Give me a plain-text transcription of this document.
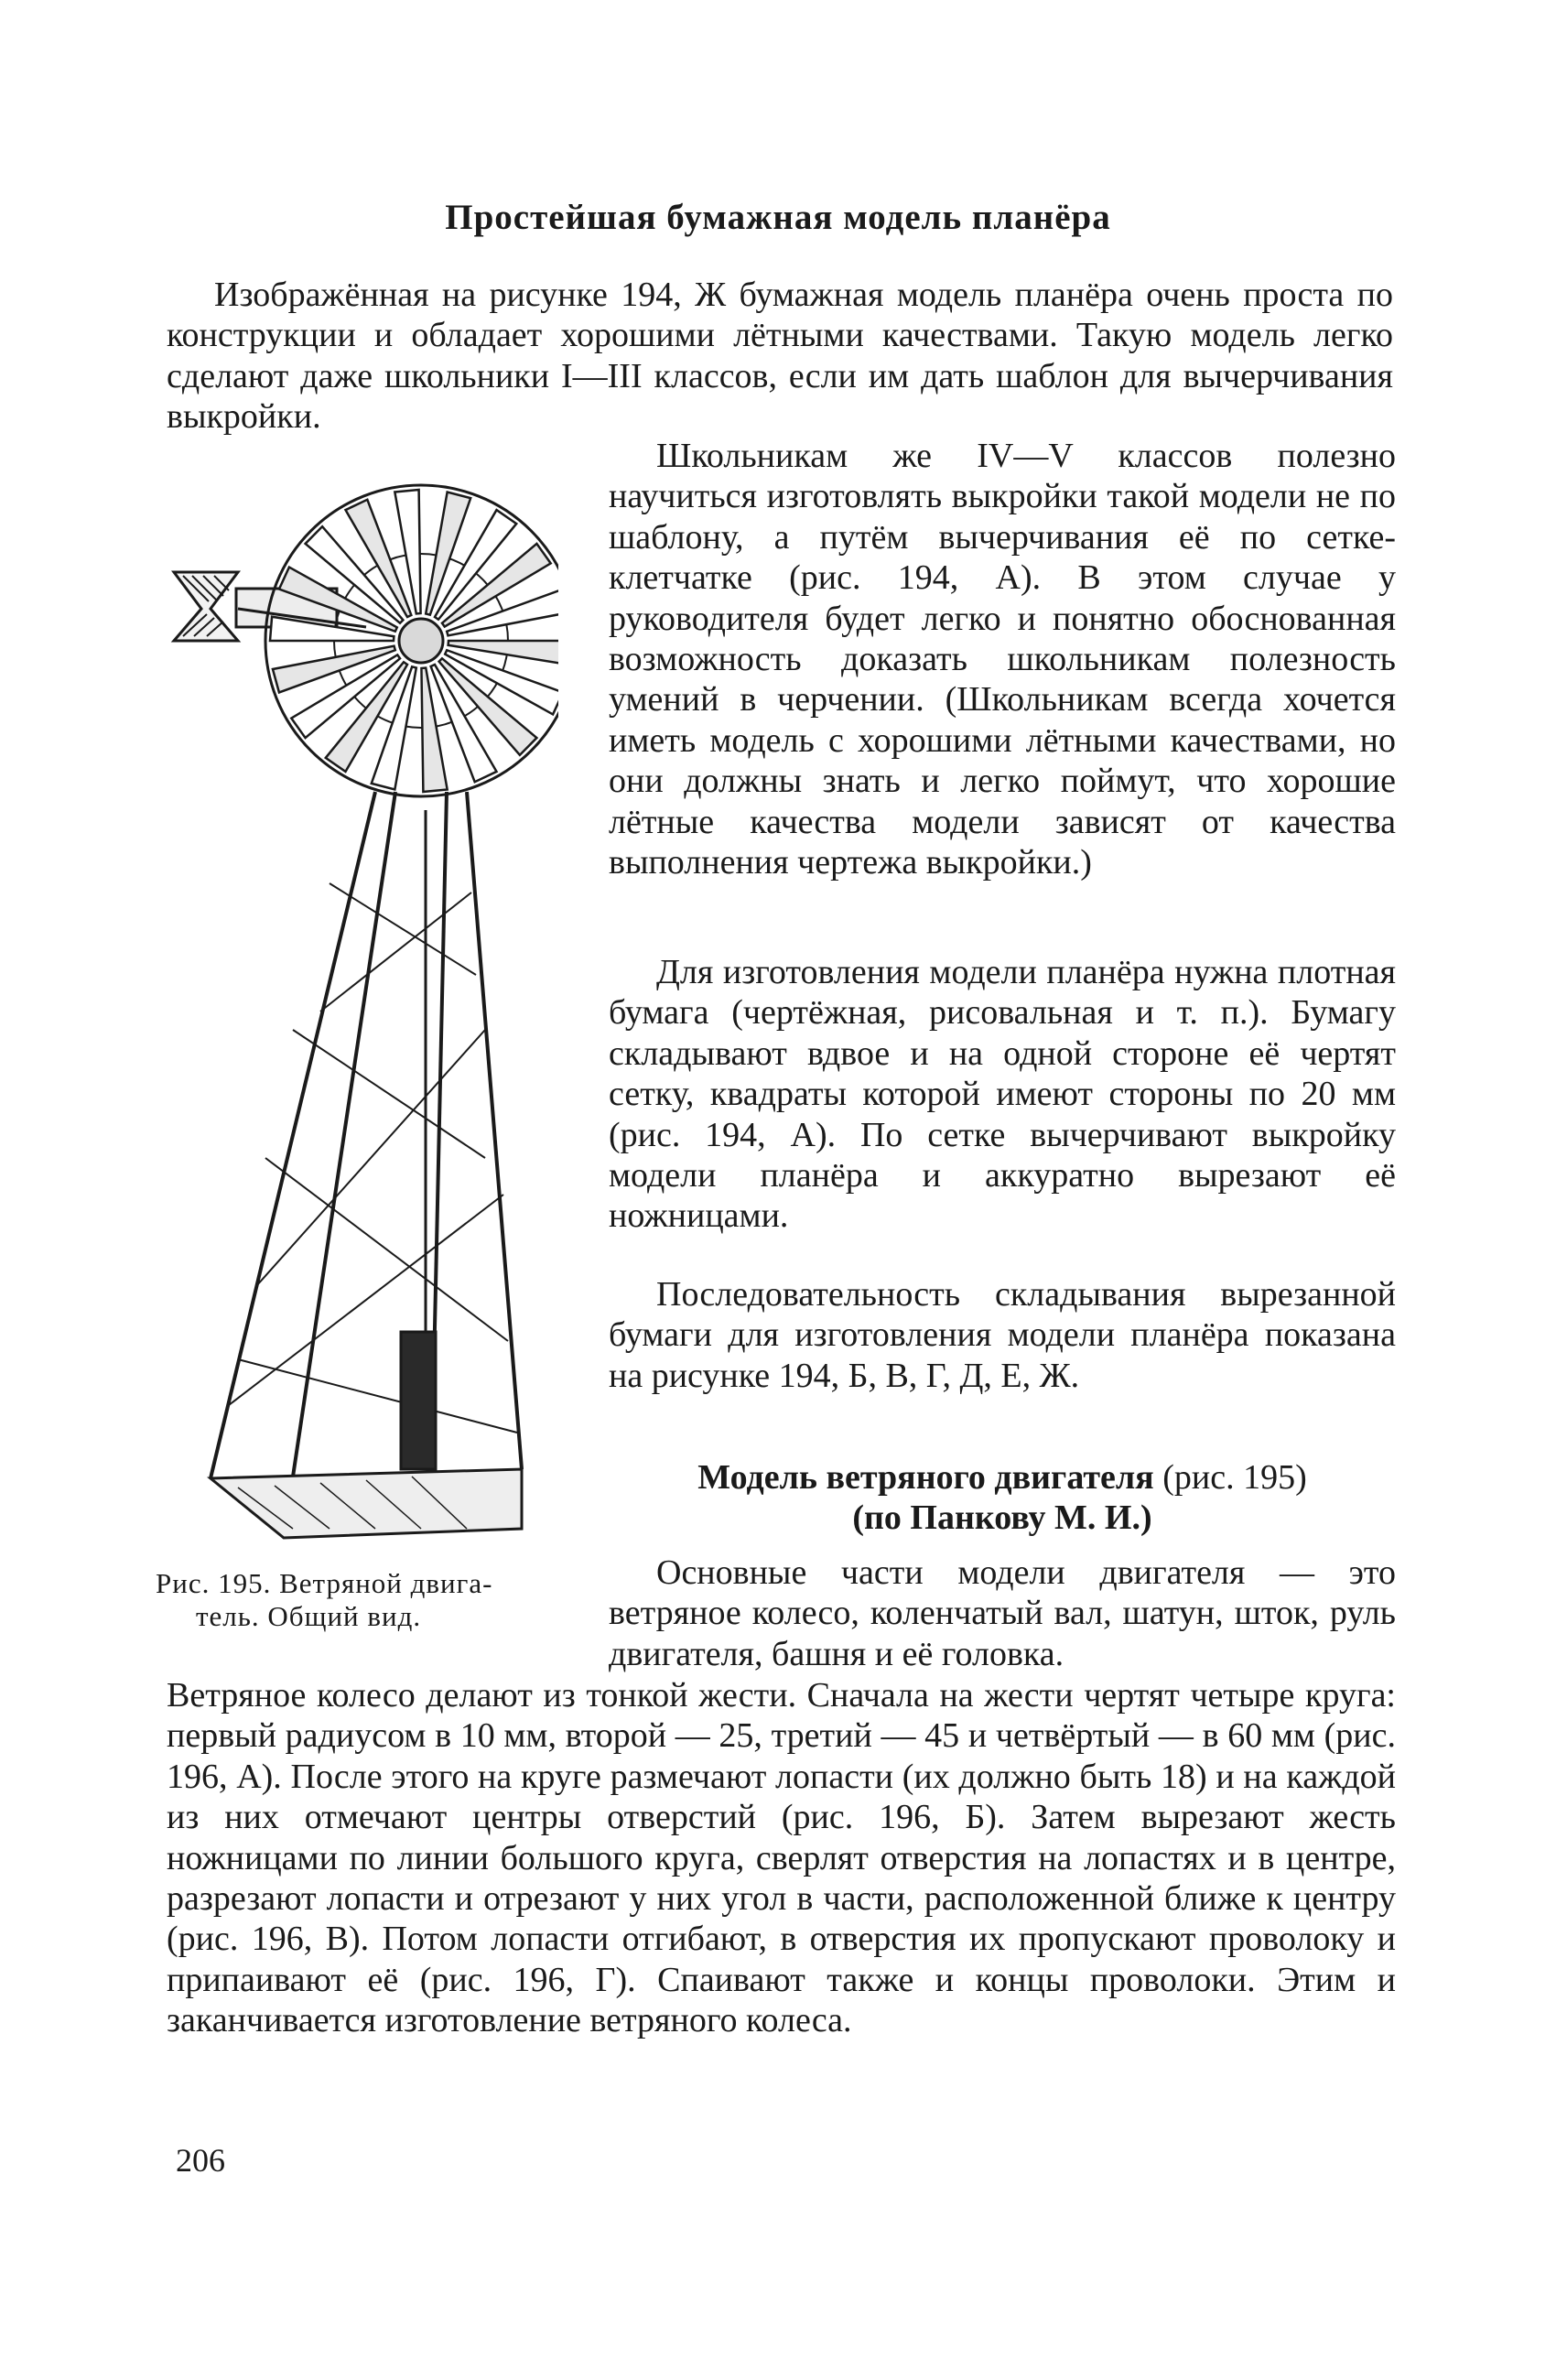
Простейшая бумажная модель планёра

Изображённая на рисунке 194, Ж бумажная модель планёра очень проста по конструкции и обладает хорошими лётными качествами. Такую модель легко сделают даже школьники I—III классов, если им дать шаблон для вычерчивания выкройки.

Школьникам же IV—V классов полезно научиться изготовлять выкройки такой модели не по шаблону, а путём вычерчивания её по сетке-клетчатке (рис. 194, А). В этом случае у руководителя будет легко и понятно обоснованная возможность доказать школьникам полезность умений в черчении. (Школьникам всегда хочется иметь модель с хорошими лётными качествами, но они должны знать и легко поймут, что хорошие лётные качества модели зависят от качества выполнения чертежа выкройки.)

Для изготовления модели планёра нужна плотная бумага (чертёжная, рисовальная и т. п.). Бумагу складывают вдвое и на одной стороне её чертят сетку, квадраты которой имеют стороны по 20 мм (рис. 194, А). По сетке вычерчивают выкройку модели планёра и аккуратно вырезают её ножницами.

Последовательность складывания вырезанной бумаги для изготовления модели планёра показана на рисунке 194, Б, В, Г, Д, Е, Ж.

Модель ветряного двигателя (рис. 195)
(по Панкову М. И.)

Основные части модели двигателя — это ветряное колесо, коленчатый вал, шатун, шток, руль двигателя, башня и её головка.

Ветряное колесо делают из тонкой жести. Сначала на жести чертят четыре круга: первый радиусом в 10 мм, второй — 25, третий — 45 и четвёртый — в 60 мм (рис. 196, А). После этого на круге размечают лопасти (их должно быть 18) и на каждой из них отмечают центры отверстий (рис. 196, Б). Затем вырезают жесть ножницами по линии большого круга, сверлят отверстия на лопастях и в центре, разрезают лопасти и отрезают у них угол в части, расположенной ближе к центру (рис. 196, В). Потом лопасти отгибают, в отверстия их пропускают проволоку и припаивают её (рис. 196, Г). Спаивают также и концы проволоки. Этим и заканчивается изготовление ветряного колеса.

Рис. 195. Ветряной двига-
тель. Общий вид.

206
